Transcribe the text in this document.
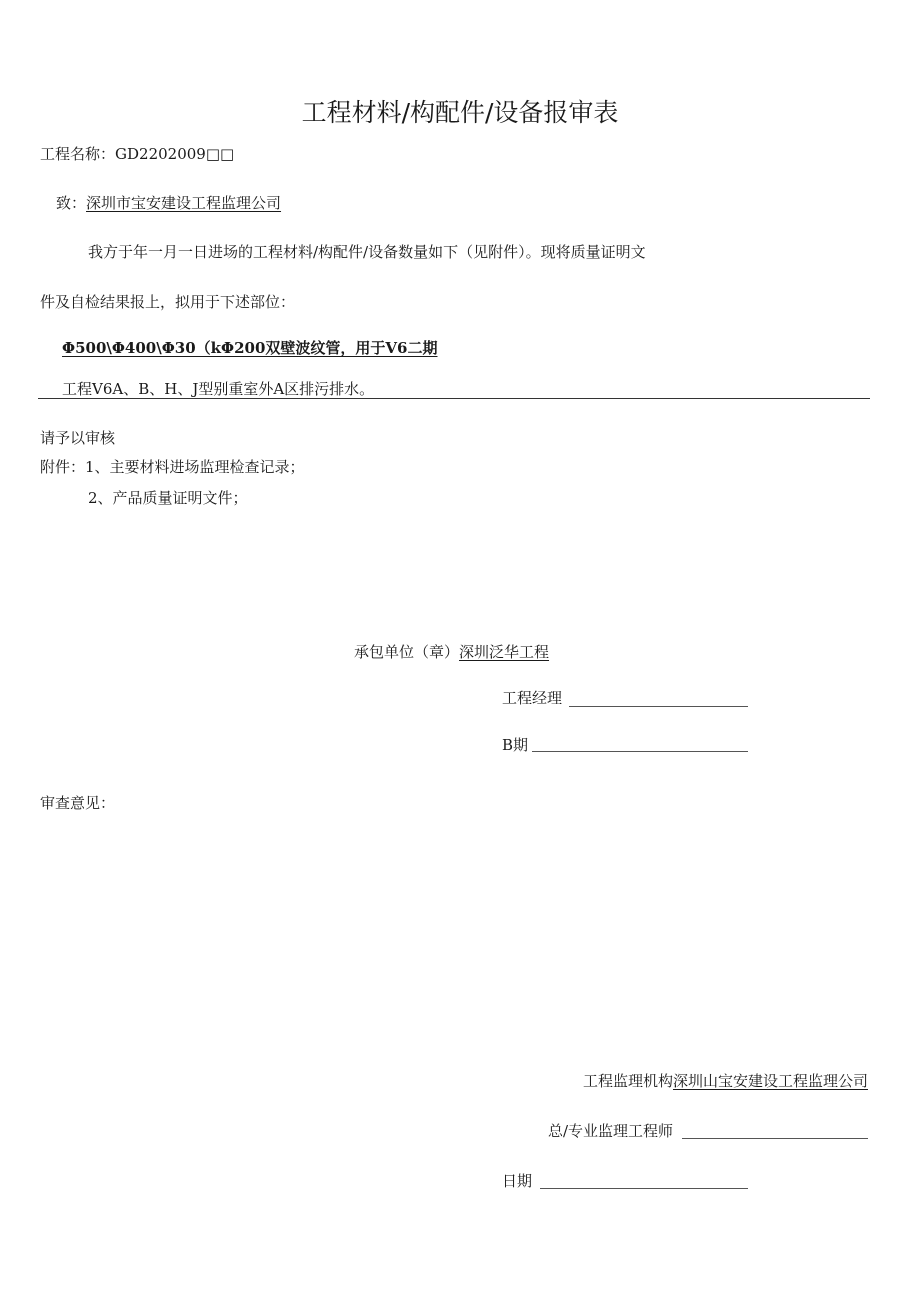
工程材料/构配件/设备报审表
工程名称：GD2202009□□
致：深圳市宝安建设工程监理公司
我方于年一月一日进场的工程材料/构配件/设备数量如下（见附件）。现将质量证明文
件及自检结果报上，拟用于下述部位：
Φ500\Φ400\Φ30（kΦ200双壁波纹管，用于V6二期
工程V6A、B、H、J型别重室外A区排污排水。
请予以审核
附件：1、主要材料进场监理检查记录；
2、产品质量证明文件；
承包单位（章）深圳泛华工程
工程经理
B期
审查意见：
工程监理机构深圳山宝安建设工程监理公司
总/专业监理工程师
日期
